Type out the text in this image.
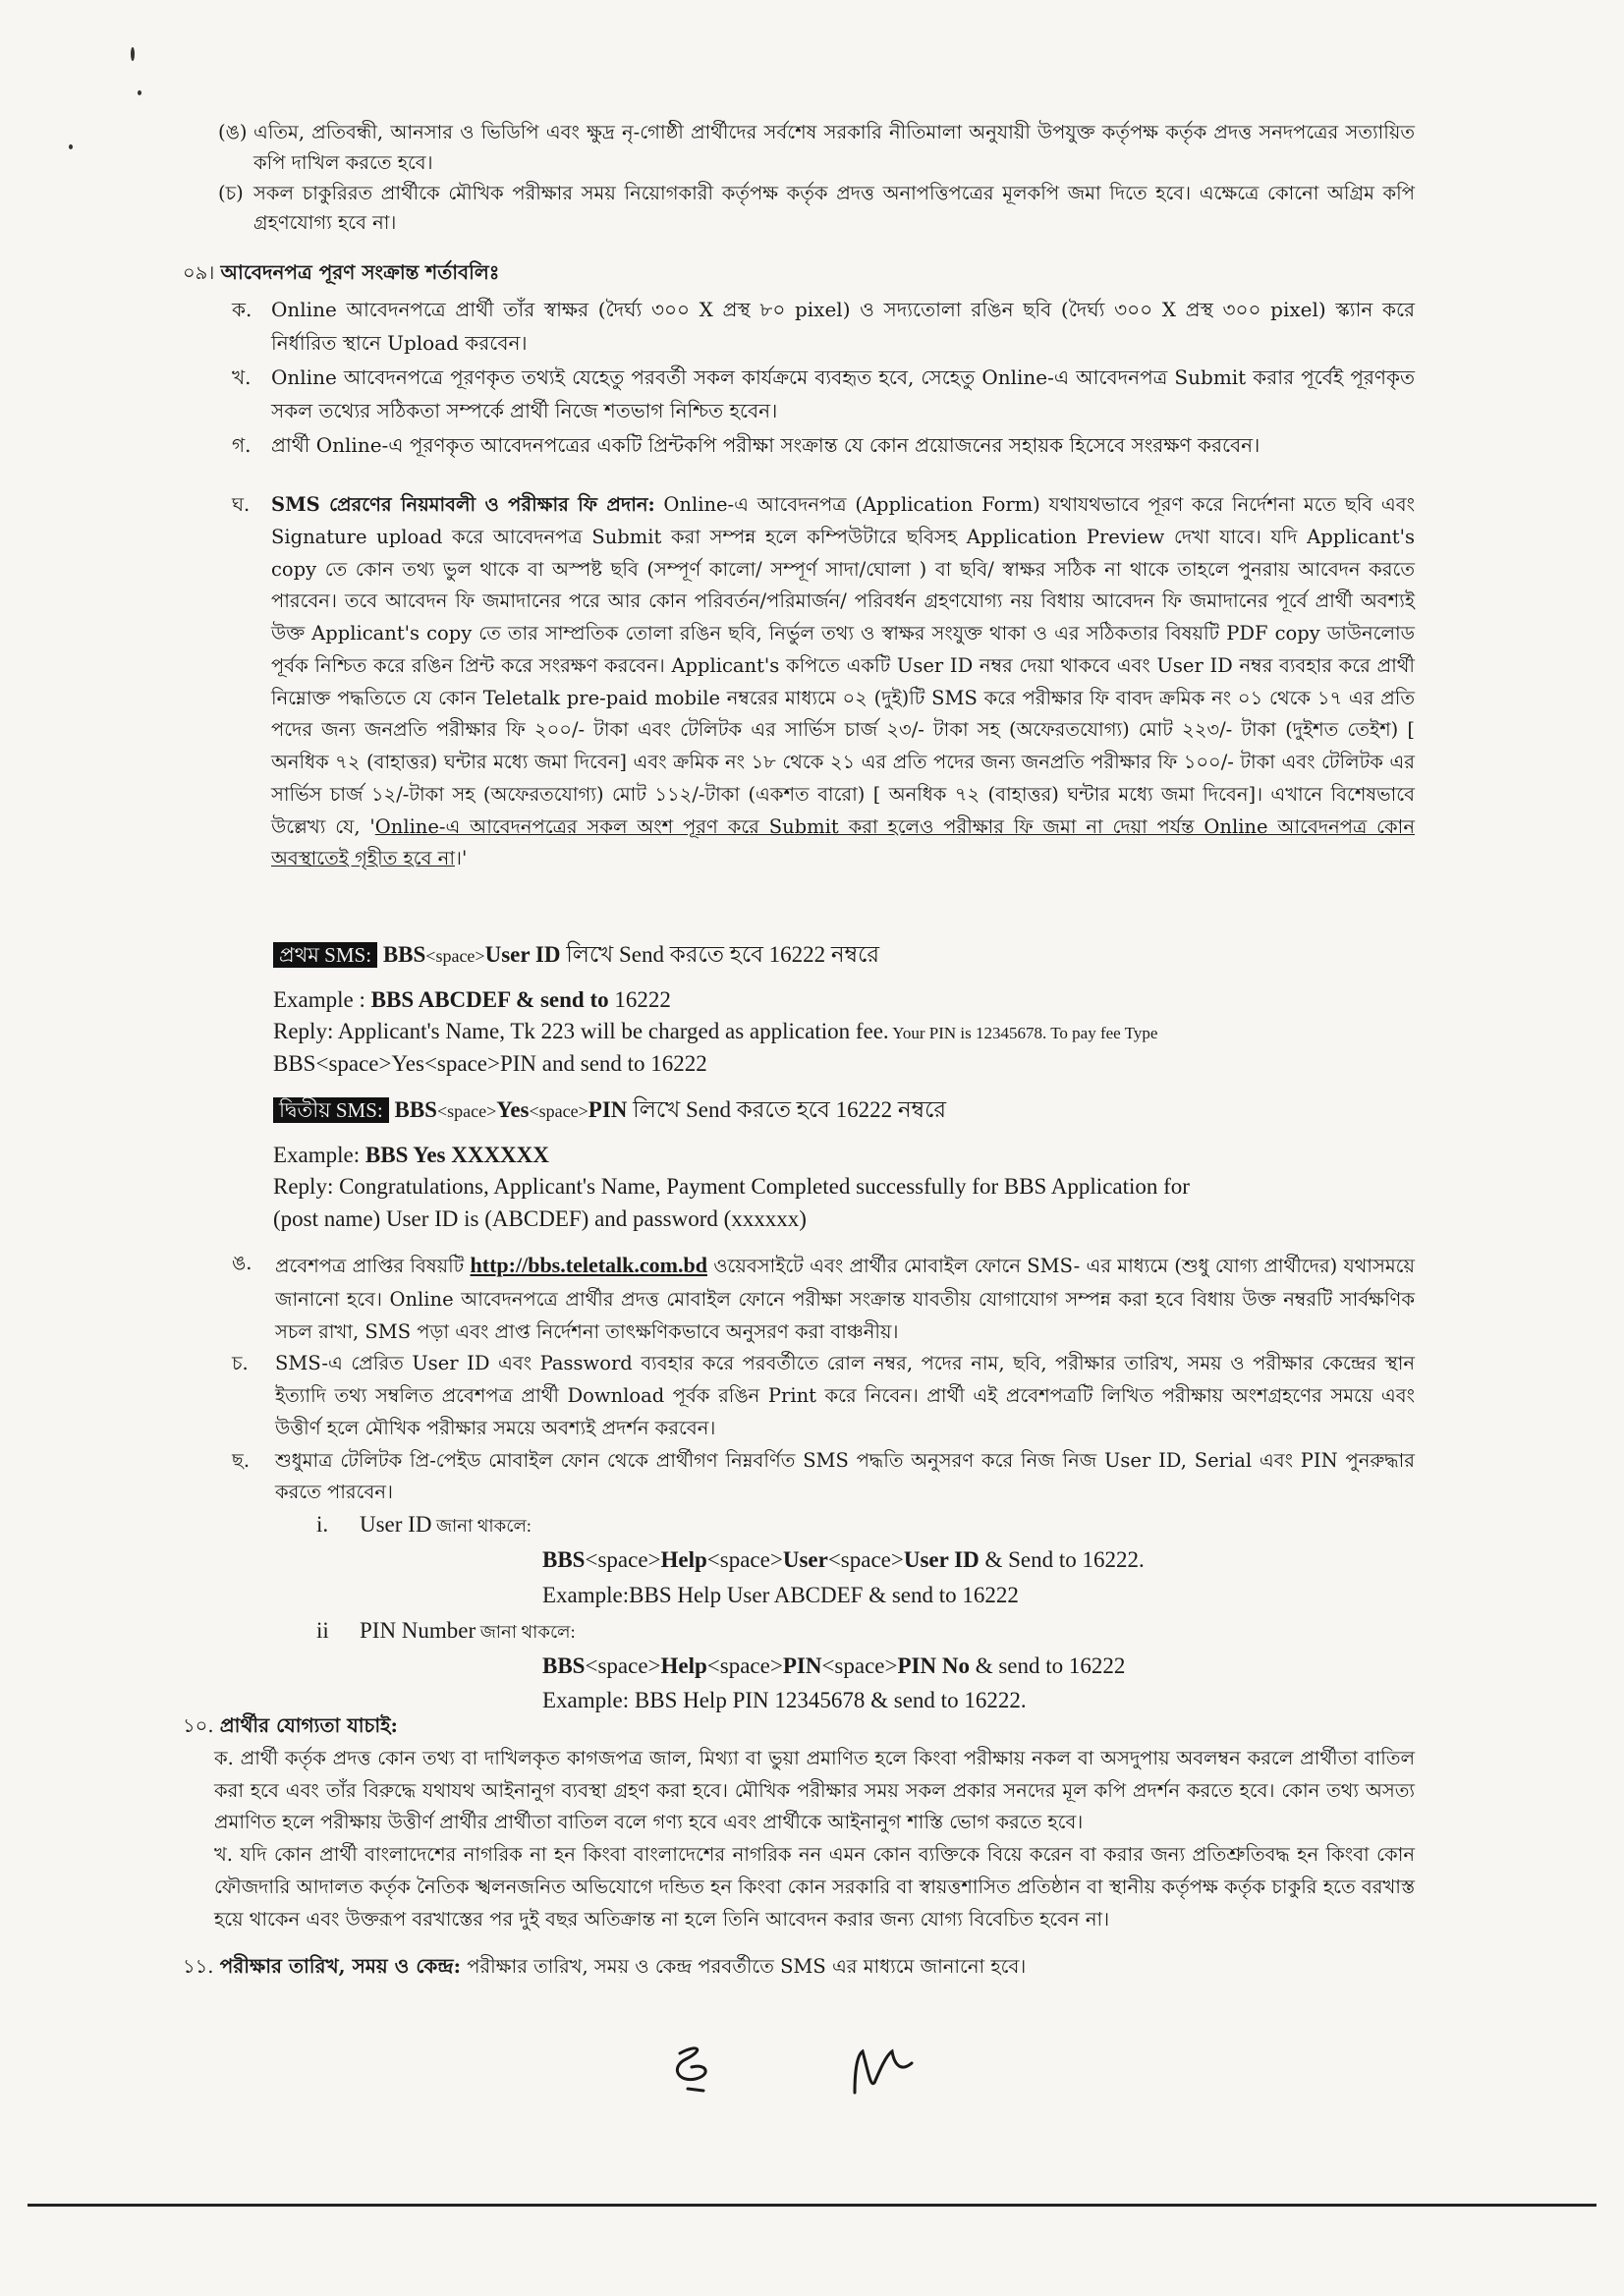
(ঙ) এতিম, প্রতিবন্ধী, আনসার ও ভিডিপি এবং ক্ষুদ্র নৃ-গোষ্ঠী প্রার্থীদের সর্বশেষ সরকারি নীতিমালা অনুযায়ী উপযুক্ত কর্তৃপক্ষ কর্তৃক প্রদত্ত সনদপত্রের সত্যায়িত কপি দাখিল করতে হবে।

(চ) সকল চাকুরিরত প্রার্থীকে মৌখিক পরীক্ষার সময় নিয়োগকারী কর্তৃপক্ষ কর্তৃক প্রদত্ত অনাপত্তিপত্রের মূলকপি জমা দিতে হবে। এক্ষেত্রে কোনো অগ্রিম কপি গ্রহণযোগ্য হবে না।

০৯। আবেদনপত্র পূরণ সংক্রান্ত শর্তাবলিঃ

ক. Online আবেদনপত্রে প্রার্থী তাঁর স্বাক্ষর (দৈর্ঘ্য ৩০০ X প্রস্থ ৮০ pixel) ও সদ্যতোলা রঙিন ছবি (দৈর্ঘ্য ৩০০ X প্রস্থ ৩০০ pixel) স্ক্যান করে নির্ধারিত স্থানে Upload করবেন।

খ.	Online আবেদনপত্রে পূরণকৃত তথ্যই যেহেতু পরবর্তী সকল কার্যক্রমে ব্যবহৃত হবে, সেহেতু Online-এ আবেদনপত্র Submit করার পূর্বেই পূরণকৃত সকল তথ্যের সঠিকতা সম্পর্কে প্রার্থী নিজে শতভাগ নিশ্চিত হবেন।

গ.	প্রার্থী Online-এ পূরণকৃত আবেদনপত্রের একটি প্রিন্টকপি পরীক্ষা সংক্রান্ত যে কোন প্রয়োজনের সহায়ক হিসেবে সংরক্ষণ করবেন।

ঘ.	SMS প্রেরণের নিয়মাবলী ও পরীক্ষার ফি প্রদান: Online-এ আবেদনপত্র (Application Form) যথাযথভাবে পূরণ করে নির্দেশনা মতে ছবি এবং Signature upload করে আবেদনপত্র Submit করা সম্পন্ন হলে কম্পিউটারে ছবিসহ Application Preview দেখা যাবে। যদি Applicant's copy তে কোন তথ্য ভুল থাকে বা অস্পষ্ট ছবি (সম্পূর্ণ কালো/ সম্পূর্ণ সাদা/ঘোলা ) বা ছবি/ স্বাক্ষর সঠিক না থাকে তাহলে পুনরায় আবেদন করতে পারবেন। তবে আবেদন ফি জমাদানের পরে আর কোন পরিবর্তন/পরিমার্জন/ পরিবর্ধন গ্রহণযোগ্য নয় বিধায় আবেদন ফি জমাদানের পূর্বে প্রার্থী অবশ্যই উক্ত Applicant's copy তে তার সাম্প্রতিক তোলা রঙিন ছবি, নির্ভুল তথ্য ও স্বাক্ষর সংযুক্ত থাকা ও এর সঠিকতার বিষয়টি PDF copy ডাউনলোড পূর্বক নিশ্চিত করে রঙিন প্রিন্ট করে সংরক্ষণ করবেন। Applicant's কপিতে একটি User ID নম্বর দেয়া থাকবে এবং User ID নম্বর ব্যবহার করে প্রার্থী নিম্নোক্ত পদ্ধতিতে যে কোন Teletalk pre-paid mobile নম্বরের মাধ্যমে ০২ (দুই)টি SMS করে পরীক্ষার ফি বাবদ ক্রমিক নং ০১ থেকে ১৭ এর প্রতি পদের জন্য জনপ্রতি পরীক্ষার ফি ২০০/- টাকা এবং টেলিটক এর সার্ভিস চার্জ ২৩/- টাকা সহ (অফেরতযোগ্য) মোট ২২৩/- টাকা (দুইশত তেইশ) [ অনধিক ৭২ (বাহাত্তর) ঘন্টার মধ্যে জমা দিবেন] এবং ক্রমিক নং ১৮ থেকে ২১ এর প্রতি পদের জন্য জনপ্রতি পরীক্ষার ফি ১০০/- টাকা এবং টেলিটক এর সার্ভিস চার্জ ১২/-টাকা সহ (অফেরতযোগ্য) মোট ১১২/-টাকা (একশত বারো) [ অনধিক ৭২ (বাহাত্তর) ঘন্টার মধ্যে জমা দিবেন]। এখানে বিশেষভাবে উল্লেখ্য যে, 'Online-এ আবেদনপত্রের সকল অংশ পূরণ করে Submit করা হলেও পরীক্ষার ফি জমা না দেয়া পর্যন্ত Online আবেদনপত্র কোন অবস্থাতেই গৃহীত হবে না।'

প্রথম SMS: BBS<space>User ID লিখে Send করতে হবে 16222 নম্বরে

Example : BBS ABCDEF & send to 16222

Reply: Applicant's Name, Tk 223 will be charged as application fee. Your PIN is 12345678. To pay fee Type

BBS<space>Yes<space>PIN and send to 16222

দ্বিতীয় SMS: BBS<space>Yes<space>PIN লিখে Send করতে হবে 16222 নম্বরে

Example: BBS Yes XXXXXX

Reply: Congratulations, Applicant's Name, Payment Completed successfully for BBS Application for

(post name) User ID is (ABCDEF) and password (xxxxxx)

ঙ.	প্রবেশপত্র প্রাপ্তির বিষয়টি http://bbs.teletalk.com.bd ওয়েবসাইটে এবং প্রার্থীর মোবাইল ফোনে SMS- এর মাধ্যমে (শুধু যোগ্য প্রার্থীদের) যথাসময়ে জানানো হবে। Online আবেদনপত্রে প্রার্থীর প্রদত্ত মোবাইল ফোনে পরীক্ষা সংক্রান্ত যাবতীয় যোগাযোগ সম্পন্ন করা হবে বিধায় উক্ত নম্বরটি সার্বক্ষণিক সচল রাখা, SMS পড়া এবং প্রাপ্ত নির্দেশনা তাৎক্ষণিকভাবে অনুসরণ করা বাঞ্চনীয়।

চ.	SMS-এ প্রেরিত User ID এবং Password ব্যবহার করে পরবর্তীতে রোল নম্বর, পদের নাম, ছবি, পরীক্ষার তারিখ, সময় ও পরীক্ষার কেন্দ্রের স্থান ইত্যাদি তথ্য সম্বলিত প্রবেশপত্র প্রার্থী Download পূর্বক রঙিন Print করে নিবেন। প্রার্থী এই প্রবেশপত্রটি লিখিত পরীক্ষায় অংশগ্রহণের সময়ে এবং উত্তীর্ণ হলে মৌখিক পরীক্ষার সময়ে অবশ্যই প্রদর্শন করবেন।

ছ.	শুধুমাত্র টেলিটক প্রি-পেইড মোবাইল ফোন থেকে প্রার্থীগণ নিম্নবর্ণিত SMS পদ্ধতি অনুসরণ করে নিজ নিজ User ID, Serial এবং PIN পুনরুদ্ধার করতে পারবেন।

i. User ID জানা থাকলে:

BBS<space>Help<space>User<space>User ID & Send to 16222.

Example:BBS Help User ABCDEF & send to 16222

ii PIN Number জানা থাকলে:

BBS<space>Help<space>PIN<space>PIN No & send to 16222

Example: BBS Help PIN 12345678 & send to 16222.

১০. প্রার্থীর যোগ্যতা যাচাই:

ক. প্রার্থী কর্তৃক প্রদত্ত কোন তথ্য বা দাখিলকৃত কাগজপত্র জাল, মিথ্যা বা ভুয়া প্রমাণিত হলে কিংবা পরীক্ষায় নকল বা অসদুপায় অবলম্বন করলে প্রার্থীতা বাতিল করা হবে এবং তাঁর বিরুদ্ধে যথাযথ আইনানুগ ব্যবস্থা গ্রহণ করা হবে। মৌখিক পরীক্ষার সময় সকল প্রকার সনদের মূল কপি প্রদর্শন করতে হবে। কোন তথ্য অসত্য প্রমাণিত হলে পরীক্ষায় উত্তীর্ণ প্রার্থীর প্রার্থীতা বাতিল বলে গণ্য হবে এবং প্রার্থীকে আইনানুগ শাস্তি ভোগ করতে হবে।

খ. যদি কোন প্রার্থী বাংলাদেশের নাগরিক না হন কিংবা বাংলাদেশের নাগরিক নন এমন কোন ব্যক্তিকে বিয়ে করেন বা করার জন্য প্রতিশ্রুতিবদ্ধ হন কিংবা কোন ফৌজদারি আদালত কর্তৃক নৈতিক স্খলনজনিত অভিযোগে দন্ডিত হন কিংবা কোন সরকারি বা স্বায়ত্তশাসিত প্রতিষ্ঠান বা স্থানীয় কর্তৃপক্ষ কর্তৃক চাকুরি হতে বরখাস্ত হয়ে থাকেন এবং উক্তরূপ বরখাস্তের পর দুই বছর অতিক্রান্ত না হলে তিনি আবেদন করার জন্য যোগ্য বিবেচিত হবেন না।

১১. পরীক্ষার তারিখ, সময় ও কেন্দ্র: পরীক্ষার তারিখ, সময় ও কেন্দ্র পরবর্তীতে SMS এর মাধ্যমে জানানো হবে।
